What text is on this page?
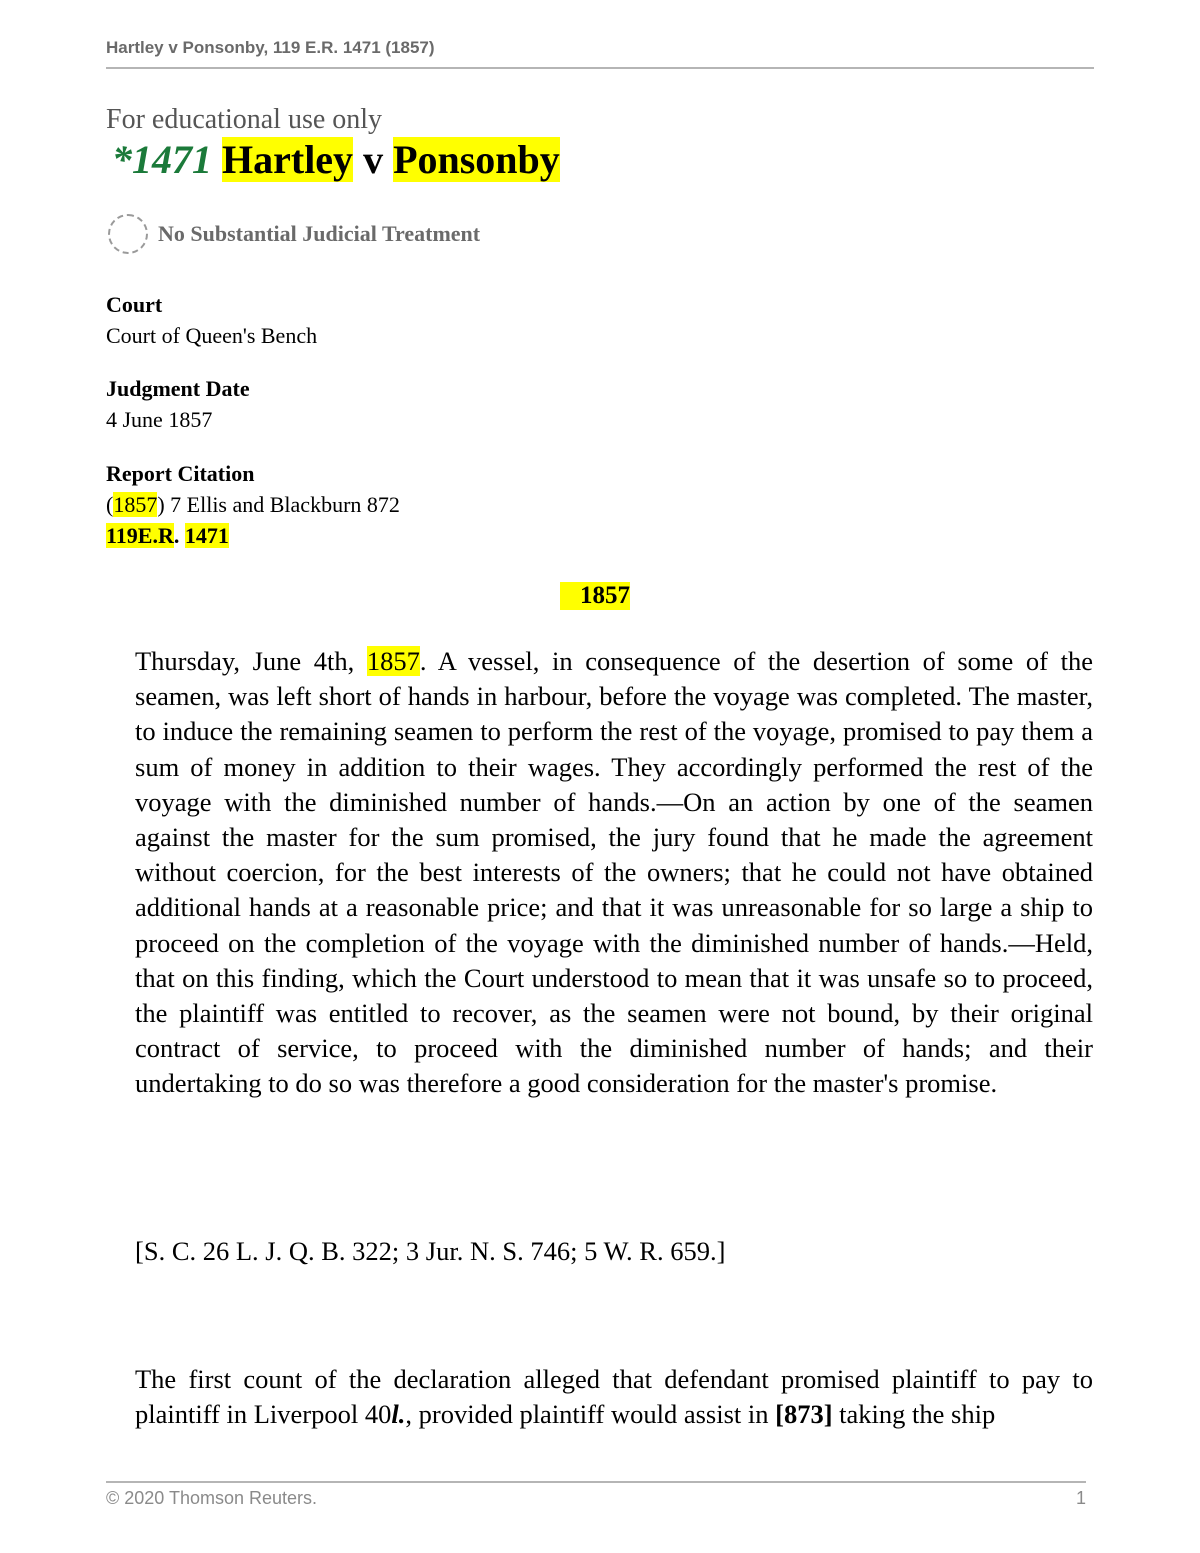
Hartley v Ponsonby, 119 E.R. 1471 (1857)
For educational use only
*1471 Hartley v Ponsonby
No Substantial Judicial Treatment
Court
Court of Queen's Bench
Judgment Date
4 June 1857
Report Citation
(1857) 7 Ellis and Blackburn 872
119E.R. 1471
1857
Thursday, June 4th, 1857. A vessel, in consequence of the desertion of some of the seamen, was left short of hands in harbour, before the voyage was completed. The master, to induce the remaining seamen to perform the rest of the voyage, promised to pay them a sum of money in addition to their wages. They accordingly performed the rest of the voyage with the diminished number of hands.—On an action by one of the seamen against the master for the sum promised, the jury found that he made the agreement without coercion, for the best interests of the owners; that he could not have obtained additional hands at a reasonable price; and that it was unreasonable for so large a ship to proceed on the completion of the voyage with the diminished number of hands.—Held, that on this finding, which the Court understood to mean that it was unsafe so to proceed, the plaintiff was entitled to recover, as the seamen were not bound, by their original contract of service, to proceed with the diminished number of hands; and their undertaking to do so was therefore a good consideration for the master's promise.
[S. C. 26 L. J. Q. B. 322; 3 Jur. N. S. 746; 5 W. R. 659.]
The first count of the declaration alleged that defendant promised plaintiff to pay to plaintiff in Liverpool 40l., provided plaintiff would assist in [873] taking the ship
© 2020 Thomson Reuters.	1
